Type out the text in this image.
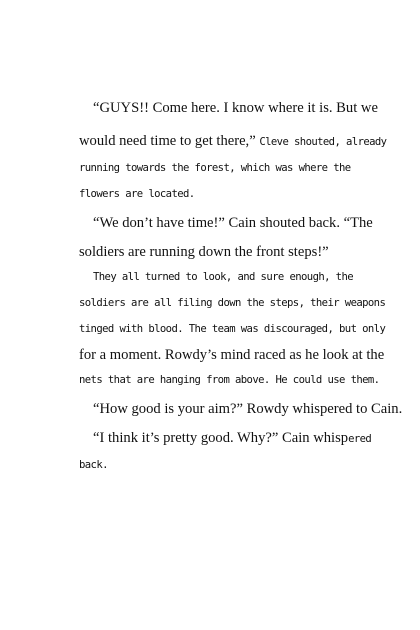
“GUYS!! Come here. I know where it is. But we
would need time to get there,” Cleve shouted, already
running towards the forest, which was where the
flowers are located.
“We don’t have time!” Cain shouted back. “The
soldiers are running down the front steps!”
They all turned to look, and sure enough, the
soldiers are all filing down the steps, their weapons
tinged with blood. The team was discouraged, but only
for a moment. Rowdy’s mind raced as he look at the
nets that are hanging from above. He could use them.
“How good is your aim?” Rowdy whispered to Cain.
“I think it’s pretty good. Why?” Cain whispered
back.
